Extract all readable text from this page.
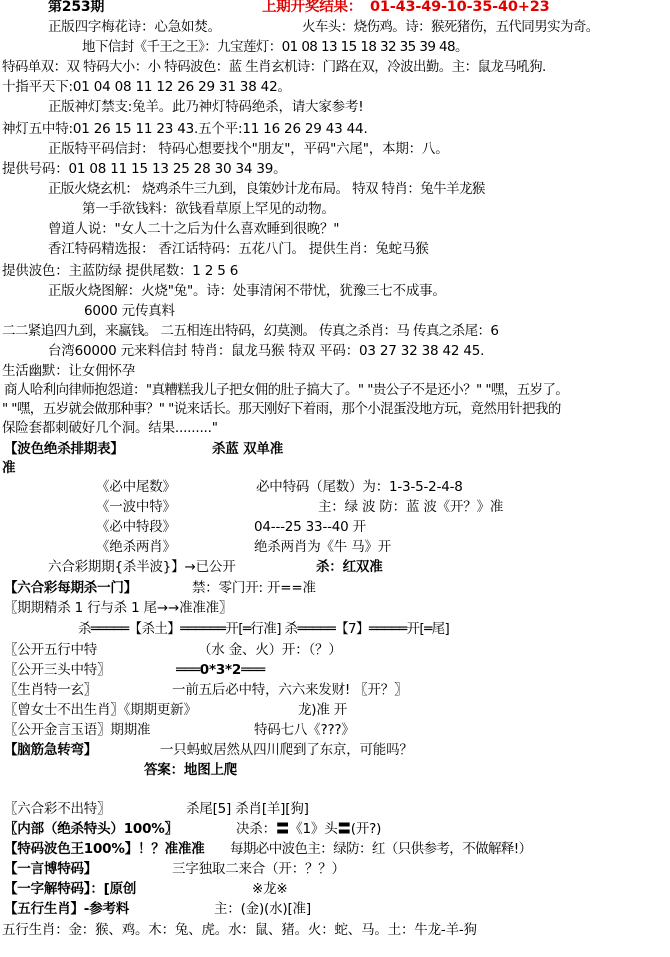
第253期	上期开奖结果： 01-43-49-10-35-40+23
正版四字梅花诗：心急如焚。	火车头：烧伤鸡。诗：猴死猪伤，五代同男实为奇。
地下信封《千王之王》：九宝莲灯：01 08 13 15 18 32 35 39 48。
特码单双：双 特码大小：小 特码波色：蓝 生肖玄机诗：门路在双，冷波出勤。主：鼠龙马吼狗.
十指平天下:01 04 08 11 12 26 29 31 38 42。
正版神灯禁支:兔羊。此乃神灯特码绝杀，请大家参考!
神灯五中特:01 26 15 11 23 43.五个平:11 16 26 29 43 44.
正版特平码信封： 特码心想要找个"朋友"，平码"六尾"，本期：八。
提供号码：01 08 11 15 13 25 28 30 34 39。
正版火烧玄机： 烧鸡杀牛三九到，良策妙计龙布局。 特双 特肖：兔牛羊龙猴
第一手欲钱料：欲钱看草原上罕见的动物。
曾道人说："女人二十之后为什么喜欢睡到很晚？"
香江特码精选报： 香江话特码：五花八门。 提供生肖：兔蛇马猴
提供波色：主蓝防绿 提供尾数：1 2 5 6
正版火烧图解：火烧"兔"。诗：处事清闲不带忧，犹豫三七不成事。
6000 元传真料
二二紧追四九到，来赢钱。 二五相连出特码，幻莫测。 传真之杀肖：马 传真之杀尾：6
台湾60000 元来料信封 特肖：鼠龙马猴 特双 平码：03 27 32 38 42 45.
生活幽默：让女佣怀孕
商人哈利向律师抱怨道："真糟糕我儿子把女佣的肚子搞大了。" "贵公子不是还小？" "嘿，五岁了。
" "嘿，五岁就会做那种事？" "说来话长。那天刚好下着雨，那个小混蛋没地方玩，竟然用针把我的
保险套都刺破好几个洞。结果........."
【波色绝杀排期表】	杀蓝 双单准
准
《必中尾数》	必中特码（尾数）为：1-3-5-2-4-8
《一波中特》	主：绿 波 防：蓝 波《开？》准
《必中特段》	04---25 33--40 开
《绝杀两肖》	绝杀两肖为《牛 马》开
六合彩期期{杀半波}】→已公开	杀：红双准
【六合彩每期杀一门】	禁：零门开: 开==准
〖期期精杀 1 行与杀 1 尾→→准准准〗
杀═════【杀土】══════开[═行准] 杀═════【7】═════开[═尾]
〖公开五行中特	（水 金、火）开：（？）
〖公开三头中特〗	═══0*3*2═══
〖生肖特一玄〗	一前五后必中特，六六来发财! 〖开？〗
〖曾女士不出生肖〗《期期更新》	龙)准 开
〖公开金言玉语〗期期准	特码七八《???》
【脑筋急转弯】	一只蚂蚁居然从四川爬到了东京，可能吗？
答案：地图上爬
〖六合彩不出特〗	杀尾[5] 杀肖[羊][狗]
〖内部（绝杀特头）100%〗	决杀：〓《1》头〓(开?)
【特码波色王100%】！？准准准 每期必中波色主：绿防：红（只供参考，不做解释!）
【一言博特码】	三字独取二来合（开：？？）
【一字解特码】：[原创	※龙※
【五行生肖】-参考料	主：(金)(水)[准]
五行生肖：金：猴、鸡。木：兔、虎。水：鼠、猪。火：蛇、马。土：牛龙-羊-狗
